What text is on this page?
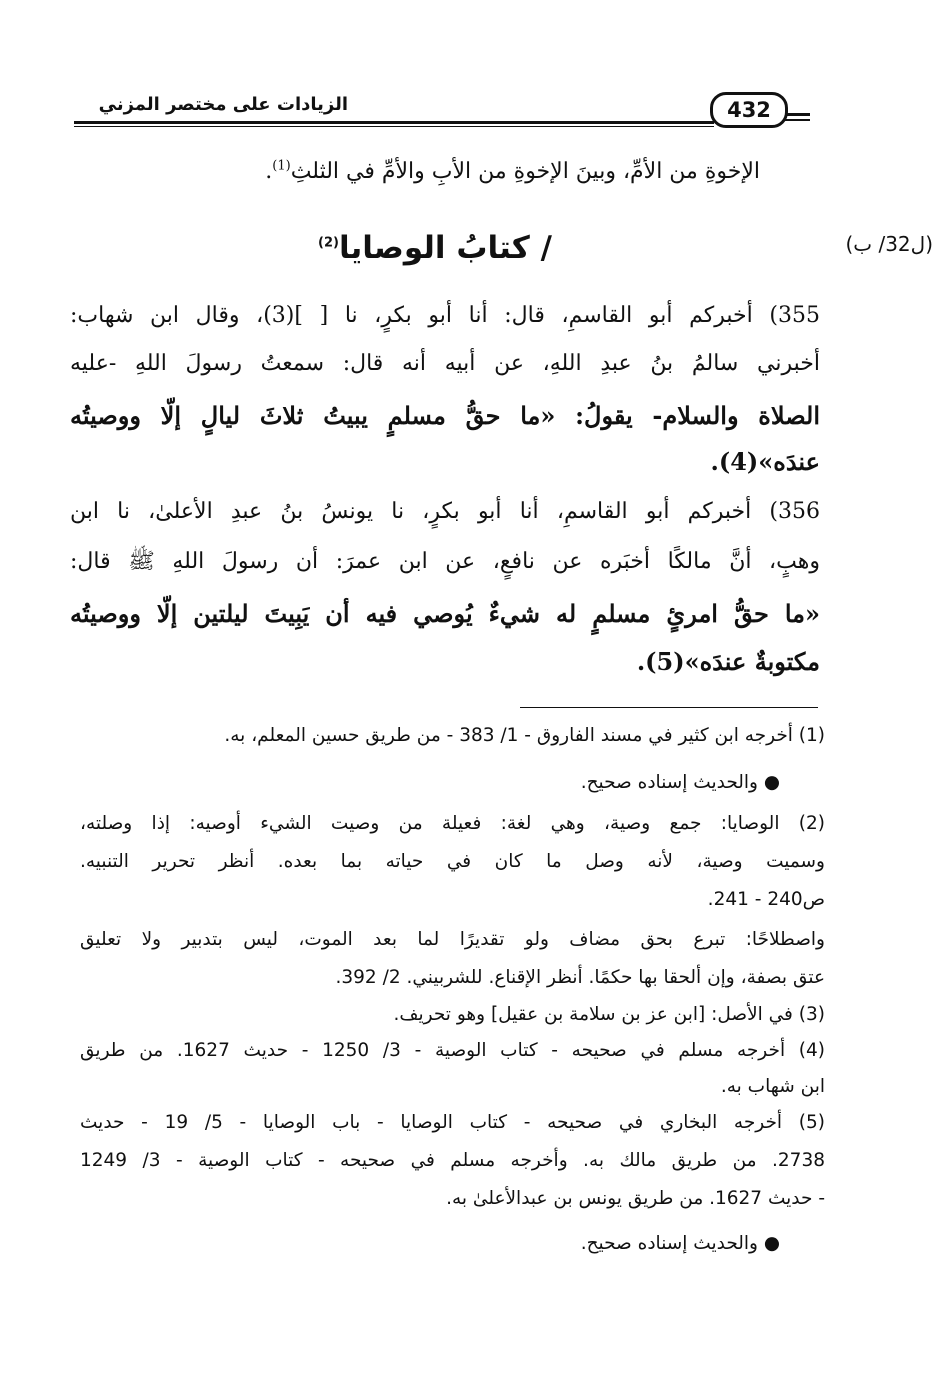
الزيادات على مختصر المزني	432
الإخوةِ من الأمِّ، وبينَ الإخوةِ من الأبِ والأمِّ في الثلثِ$^{(1)}$.
/ كتابُ الوصايا$^{(2)}$	(ل32/ ب)
355) أخبركم أبو القاسمِ، قال: أنا أبو بكرٍ، نا [ ](3)، وقال ابن شهاب:
أخبرني سالمُ بنُ عبدِ اللهِ، عن أبيه أنه قال: سمعتُ رسولَ اللهِ -عليه
الصلاة والسلام- يقولُ: «ما حقُّ مسلمٍ يبيتُ ثلاثَ ليالٍ إلّا ووصيتُه
عندَه»(4).
356) أخبركم أبو القاسمِ، أنا أبو بكرٍ، نا يونسُ بنُ عبدِ الأعلىٰ، نا ابن
وهبٍ، أنَّ مالكًا أخبَره عن نافعٍ، عن ابن عمرَ: أن رسولَ اللهِ ﷺ قال:
«ما حقُّ امرئٍ مسلمٍ له شيءٌ يُوصي فيه أن يَبِيتَ ليلتين إلّا ووصيتُه
مكتوبةٌ عندَه»(5).
(1) أخرجه ابن كثير في مسند الفاروق - 1/ 383 - من طريق حسين المعلم، به.
● والحديث إسناده صحيح.
(2) الوصايا: جمع وصية، وهي لغة: فعيلة من وصيت الشيء أوصيه: إذا وصلته،
وسميت وصية، لأنه وصل ما كان في حياته بما بعده. أنظر تحرير التنبيه.
ص240 - 241.
واصطلاحًا: تبرع بحق مضاف ولو تقديرًا لما بعد الموت، ليس بتدبير ولا تعليق
عتق بصفة، وإن ألحقا بها حكمًا. أنظر الإقناع. للشربيني. 2/ 392.
(3) في الأصل: [ابن عز بن سلامة بن عقيل] وهو تحريف.
(4) أخرجه مسلم في صحيحه - كتاب الوصية - 3/ 1250 - حديث 1627. من طريق
ابن شهاب به.
(5) أخرجه البخاري في صحيحه - كتاب الوصايا - باب الوصايا - 5/ 19 - حديث
2738. من طريق مالك به. وأخرجه مسلم في صحيحه - كتاب الوصية - 3/ 1249
- حديث 1627. من طريق يونس بن عبدالأعلىٰ به.
● والحديث إسناده صحيح.
